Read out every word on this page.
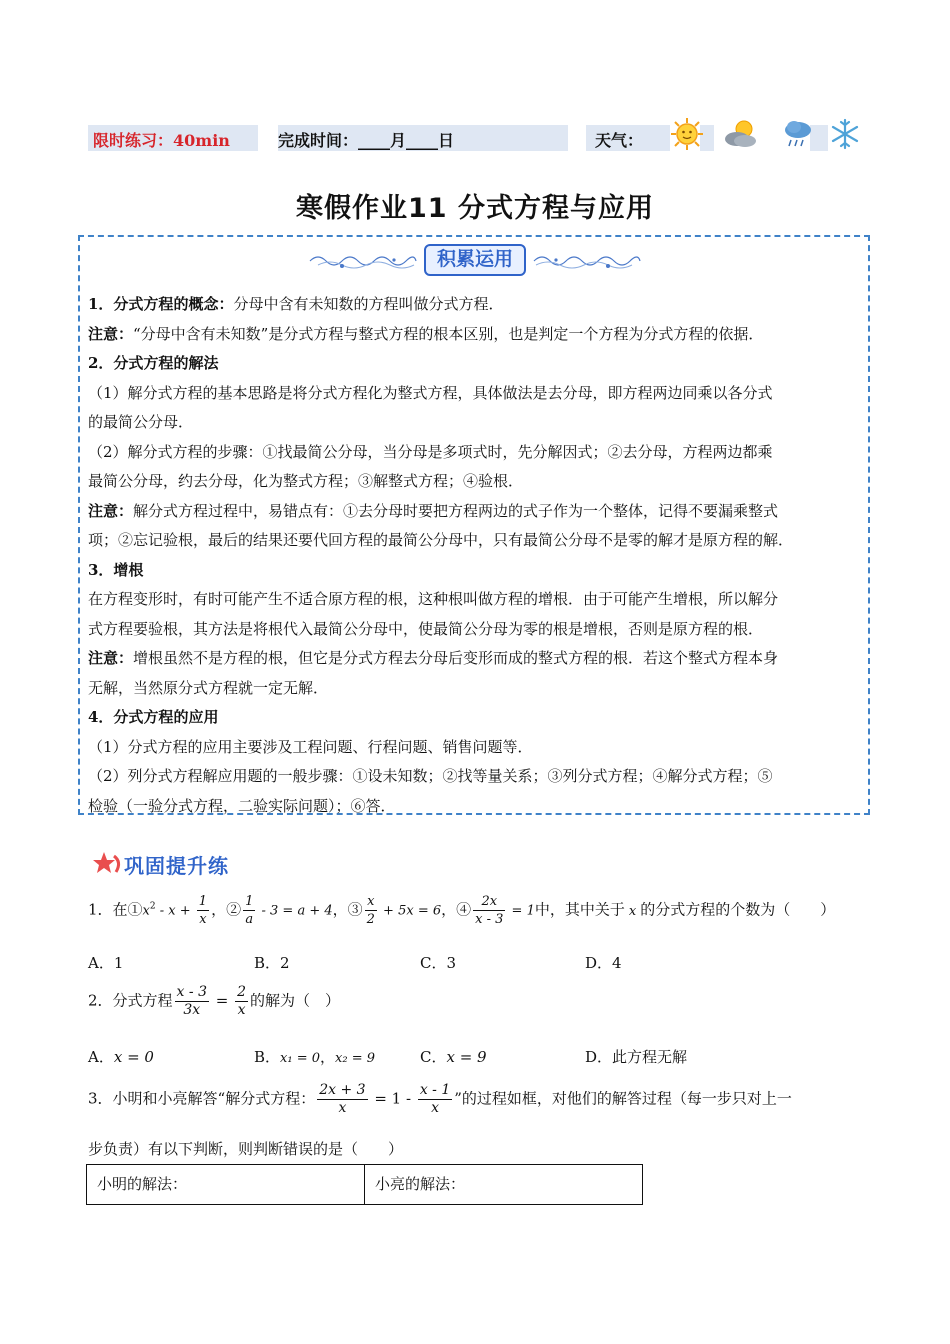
限时练习：40min	完成时间：____月____日	天气：
寒假作业11 分式方程与应用
积累运用

1．分式方程的概念：分母中含有未知数的方程叫做分式方程．

注意：“分母中含有未知数”是分式方程与整式方程的根本区别，也是判定一个方程为分式方程的依据．

2．分式方程的解法

（1）解分式方程的基本思路是将分式方程化为整式方程，具体做法是去分母，即方程两边同乘以各分式

的最简公分母．

（2）解分式方程的步骤：①找最简公分母，当分母是多项式时，先分解因式；②去分母，方程两边都乘

最简公分母，约去分母，化为整式方程；③解整式方程；④验根．

注意：解分式方程过程中，易错点有：①去分母时要把方程两边的式子作为一个整体，记得不要漏乘整式

项；②忘记验根，最后的结果还要代回方程的最简公分母中，只有最简公分母不是零的解才是原方程的解．

3．增根

在方程变形时，有时可能产生不适合原方程的根，这种根叫做方程的增根．由于可能产生增根，所以解分

式方程要验根，其方法是将根代入最简公分母中，使最简公分母为零的根是增根，否则是原方程的根．

注意：增根虽然不是方程的根，但它是分式方程去分母后变形而成的整式方程的根．若这个整式方程本身

无解，当然原分式方程就一定无解．

4．分式方程的应用

（1）分式方程的应用主要涉及工程问题、行程问题、销售问题等．

（2）列分式方程解应用题的一般步骤：①设未知数；②找等量关系；③列分式方程；④解分式方程；⑤

检验（一验分式方程，二验实际问题）；⑥答．

巩固提升练
1．在$①x^2 - x + \frac{1}{x}$ ，② $\frac{1}{a} - 3 = a + 4$，③ $\frac{x}{2} + 5x = 6$，④ $\frac{2x}{x - 3} = 1$中，其中关于 x 的分式方程的个数为（　　）
A．1	B．2	C．3	D．4
2．分式方程 $\frac{x - 3}{3x} = \frac{2}{x}$ 的解为（　）
A．x = 0	B．x₁ = 0，x₂ = 9	C．x = 9	D．此方程无解
3．小明和小亮解答“解分式方程： $\frac{2x + 3}{x} = 1 - \frac{x - 1}{x}$ ”的过程如框，对他们的解答过程（每一步只对上一
步负责）有以下判断，则判断错误的是（　　）
小明的解法：	小亮的解法：
